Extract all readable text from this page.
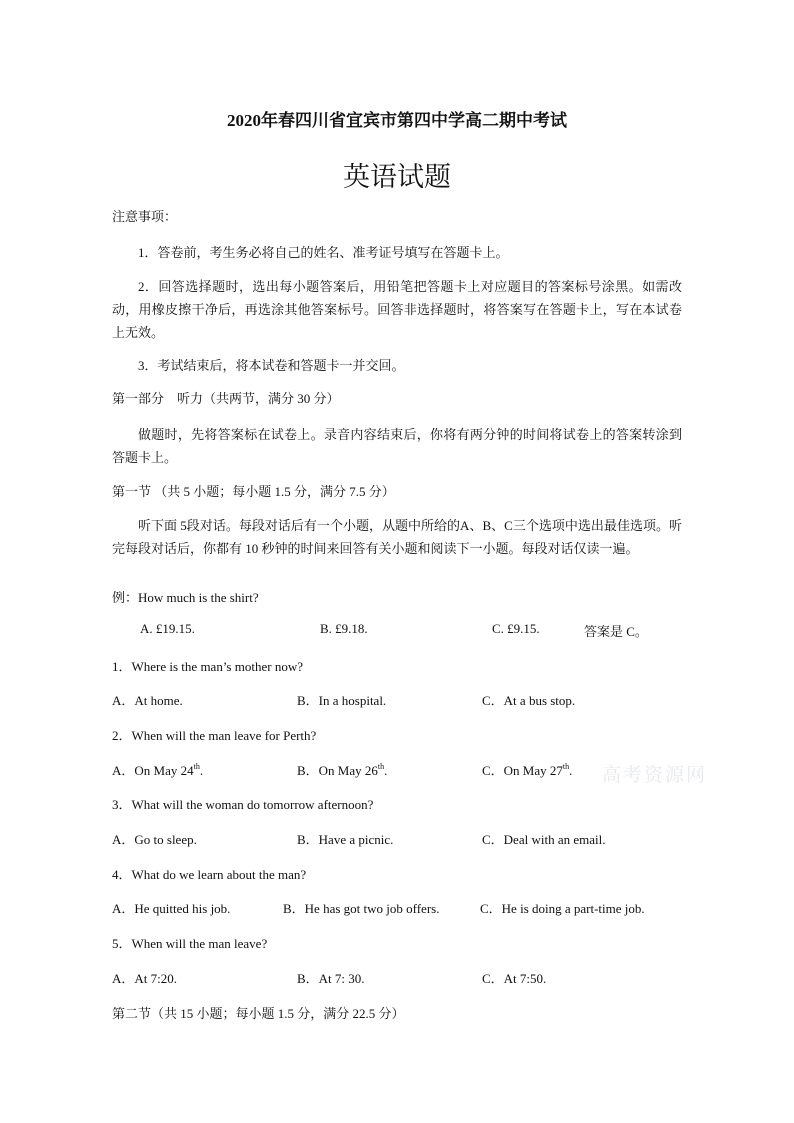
2020年春四川省宜宾市第四中学高二期中考试
英语试题
注意事项：
1．答卷前，考生务必将自己的姓名、准考证号填写在答题卡上。
2．回答选择题时，选出每小题答案后，用铅笔把答题卡上对应题目的答案标号涂黑。如需改动，用橡皮擦干净后，再选涂其他答案标号。回答非选择题时，将答案写在答题卡上，写在本试卷上无效。
3．考试结束后，将本试卷和答题卡一并交回。
第一部分　听力（共两节，满分 30 分）
做题时，先将答案标在试卷上。录音内容结束后，你将有两分钟的时间将试卷上的答案转涂到答题卡上。
第一节 （共 5 小题；每小题 1.5 分，满分 7.5 分）
听下面 5段对话。每段对话后有一个小题，从题中所给的A、B、C三个选项中选出最佳选项。听完每段对话后，你都有 10 秒钟的时间来回答有关小题和阅读下一小题。每段对话仅读一遍。
例：How much is the shirt?
A. £19.15.	B. £9.18.	C. £9.15.	答案是 C。
1．Where is the man’s mother now?
A．At home.	B．In a hospital.	C．At a bus stop.
2．When will the man leave for Perth?
A．On May 24th.	B．On May 26th.	C．On May 27th. 高考资源网
3．What will the woman do tomorrow afternoon?
A．Go to sleep.	B．Have a picnic.	C．Deal with an email.
4．What do we learn about the man?
A．He quitted his job.	B．He has got two job offers.	C．He is doing a part-time job.
5．When will the man leave?
A．At 7:20.	B．At 7: 30.	C．At 7:50.
第二节（共 15 小题；每小题 1.5 分，满分 22.5 分）
